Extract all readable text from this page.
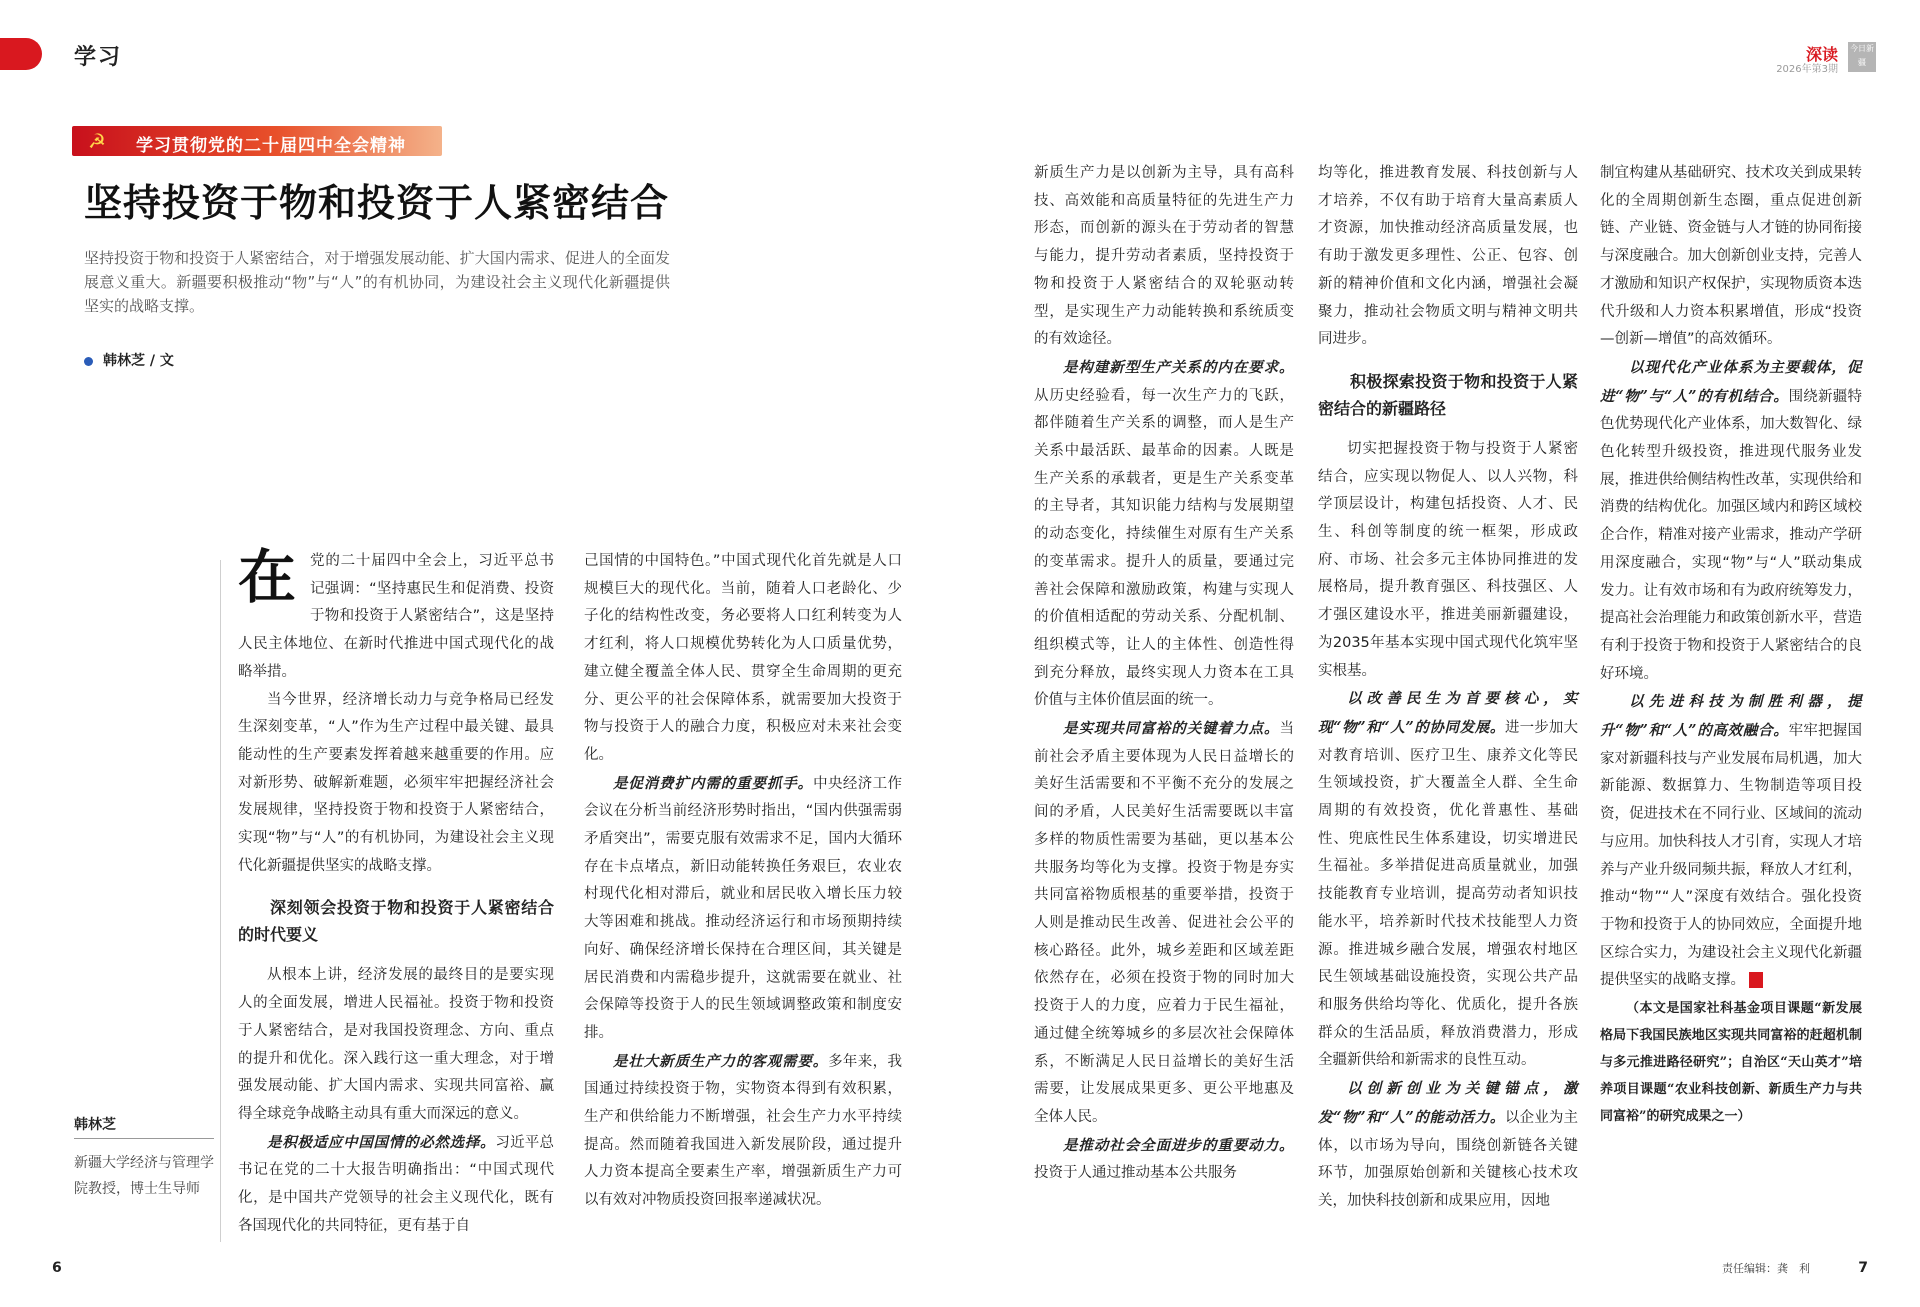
学习	深读
2026年第3期
今日新疆
☭ 学习贯彻党的二十届四中全会精神
坚持投资于物和投资于人紧密结合
坚持投资于物和投资于人紧密结合，对于增强发展动能、扩大国内需求、促进人的全面发展意义重大。新疆要积极推动“物”与“人”的有机协同，为建设社会主义现代化新疆提供坚实的战略支撑。
韩林芝 / 文

在党的二十届四中全会上，习近平总书记强调：“坚持惠民生和促消费、投资于物和投资于人紧密结合”，这是坚持人民主体地位、在新时代推进中国式现代化的战略举措。

当今世界，经济增长动力与竞争格局已经发生深刻变革，“人”作为生产过程中最关键、最具能动性的生产要素发挥着越来越重要的作用。应对新形势、破解新难题，必须牢牢把握经济社会发展规律，坚持投资于物和投资于人紧密结合，实现“物”与“人”的有机协同，为建设社会主义现代化新疆提供坚实的战略支撑。

深刻领会投资于物和投资于人紧密结合的时代要义

从根本上讲，经济发展的最终目的是要实现人的全面发展，增进人民福祉。投资于物和投资于人紧密结合，是对我国投资理念、方向、重点的提升和优化。深入践行这一重大理念，对于增强发展动能、扩大国内需求、实现共同富裕、赢得全球竞争战略主动具有重大而深远的意义。

是积极适应中国国情的必然选择。习近平总书记在党的二十大报告明确指出：“中国式现代化，是中国共产党领导的社会主义现代化，既有各国现代化的共同特征，更有基于自

己国情的中国特色。”中国式现代化首先就是人口规模巨大的现代化。当前，随着人口老龄化、少子化的结构性改变，务必要将人口红利转变为人才红利，将人口规模优势转化为人口质量优势，建立健全覆盖全体人民、贯穿全生命周期的更充分、更公平的社会保障体系，就需要加大投资于物与投资于人的融合力度，积极应对未来社会变化。

是促消费扩内需的重要抓手。中央经济工作会议在分析当前经济形势时指出，“国内供强需弱矛盾突出”，需要克服有效需求不足，国内大循环存在卡点堵点，新旧动能转换任务艰巨，农业农村现代化相对滞后，就业和居民收入增长压力较大等困难和挑战。推动经济运行和市场预期持续向好、确保经济增长保持在合理区间，其关键是居民消费和内需稳步提升，这就需要在就业、社会保障等投资于人的民生领域调整政策和制度安排。

是壮大新质生产力的客观需要。多年来，我国通过持续投资于物，实物资本得到有效积累，生产和供给能力不断增强，社会生产力水平持续提高。然而随着我国进入新发展阶段，通过提升人力资本提高全要素生产率，增强新质生产力可以有效对冲物质投资回报率递减状况。

新质生产力是以创新为主导，具有高科技、高效能和高质量特征的先进生产力形态，而创新的源头在于劳动者的智慧与能力，提升劳动者素质，坚持投资于物和投资于人紧密结合的双轮驱动转型，是实现生产力动能转换和系统质变的有效途径。

是构建新型生产关系的内在要求。从历史经验看，每一次生产力的飞跃，都伴随着生产关系的调整，而人是生产关系中最活跃、最革命的因素。人既是生产关系的承载者，更是生产关系变革的主导者，其知识能力结构与发展期望的动态变化，持续催生对原有生产关系的变革需求。提升人的质量，要通过完善社会保障和激励政策，构建与实现人的价值相适配的劳动关系、分配机制、组织模式等，让人的主体性、创造性得到充分释放，最终实现人力资本在工具价值与主体价值层面的统一。

是实现共同富裕的关键着力点。当前社会矛盾主要体现为人民日益增长的美好生活需要和不平衡不充分的发展之间的矛盾，人民美好生活需要既以丰富多样的物质性需要为基础，更以基本公共服务均等化为支撑。投资于物是夯实共同富裕物质根基的重要举措，投资于人则是推动民生改善、促进社会公平的核心路径。此外，城乡差距和区域差距依然存在，必须在投资于物的同时加大投资于人的力度，应着力于民生福祉，通过健全统筹城乡的多层次社会保障体系，不断满足人民日益增长的美好生活需要，让发展成果更多、更公平地惠及全体人民。

是推动社会全面进步的重要动力。投资于人通过推动基本公共服务

均等化，推进教育发展、科技创新与人才培养，不仅有助于培育大量高素质人才资源，加快推动经济高质量发展，也有助于激发更多理性、公正、包容、创新的精神价值和文化内涵，增强社会凝聚力，推动社会物质文明与精神文明共同进步。

积极探索投资于物和投资于人紧密结合的新疆路径

切实把握投资于物与投资于人紧密结合，应实现以物促人、以人兴物，科学顶层设计，构建包括投资、人才、民生、科创等制度的统一框架，形成政府、市场、社会多元主体协同推进的发展格局，提升教育强区、科技强区、人才强区建设水平，推进美丽新疆建设，为2035年基本实现中国式现代化筑牢坚实根基。

以改善民生为首要核心，实现“物”和“人”的协同发展。进一步加大对教育培训、医疗卫生、康养文化等民生领域投资，扩大覆盖全人群、全生命周期的有效投资，优化普惠性、基础性、兜底性民生体系建设，切实增进民生福祉。多举措促进高质量就业，加强技能教育专业培训，提高劳动者知识技能水平，培养新时代技术技能型人力资源。推进城乡融合发展，增强农村地区民生领域基础设施投资，实现公共产品和服务供给均等化、优质化，提升各族群众的生活品质，释放消费潜力，形成全疆新供给和新需求的良性互动。

以创新创业为关键锚点，激发“物”和“人”的能动活力。以企业为主体，以市场为导向，围绕创新链各关键环节，加强原始创新和关键核心技术攻关，加快科技创新和成果应用，因地

制宜构建从基础研究、技术攻关到成果转化的全周期创新生态圈，重点促进创新链、产业链、资金链与人才链的协同衔接与深度融合。加大创新创业支持，完善人才激励和知识产权保护，实现物质资本迭代升级和人力资本积累增值，形成“投资—创新—增值”的高效循环。

以现代化产业体系为主要载体，促进“物”与“人”的有机结合。围绕新疆特色优势现代化产业体系，加大数智化、绿色化转型升级投资，推进现代服务业发展，推进供给侧结构性改革，实现供给和消费的结构优化。加强区域内和跨区域校企合作，精准对接产业需求，推动产学研用深度融合，实现“物”与“人”联动集成发力。让有效市场和有为政府统筹发力，提高社会治理能力和政策创新水平，营造有利于投资于物和投资于人紧密结合的良好环境。

以先进科技为制胜利器，提升“物”和“人”的高效融合。牢牢把握国家对新疆科技与产业发展布局机遇，加大新能源、数据算力、生物制造等项目投资，促进技术在不同行业、区域间的流动与应用。加快科技人才引育，实现人才培养与产业升级同频共振，释放人才红利，推动“物”“人”深度有效结合。强化投资于物和投资于人的协同效应，全面提升地区综合实力，为建设社会主义现代化新疆提供坚实的战略支撑。

（本文是国家社科基金项目课题“新发展格局下我国民族地区实现共同富裕的赶超机制与多元推进路径研究”；自治区“天山英才”培养项目课题“农业科技创新、新质生产力与共同富裕”的研究成果之一）

韩林芝
新疆大学经济与管理学院教授，博士生导师
6	责任编辑：龚　利	7
